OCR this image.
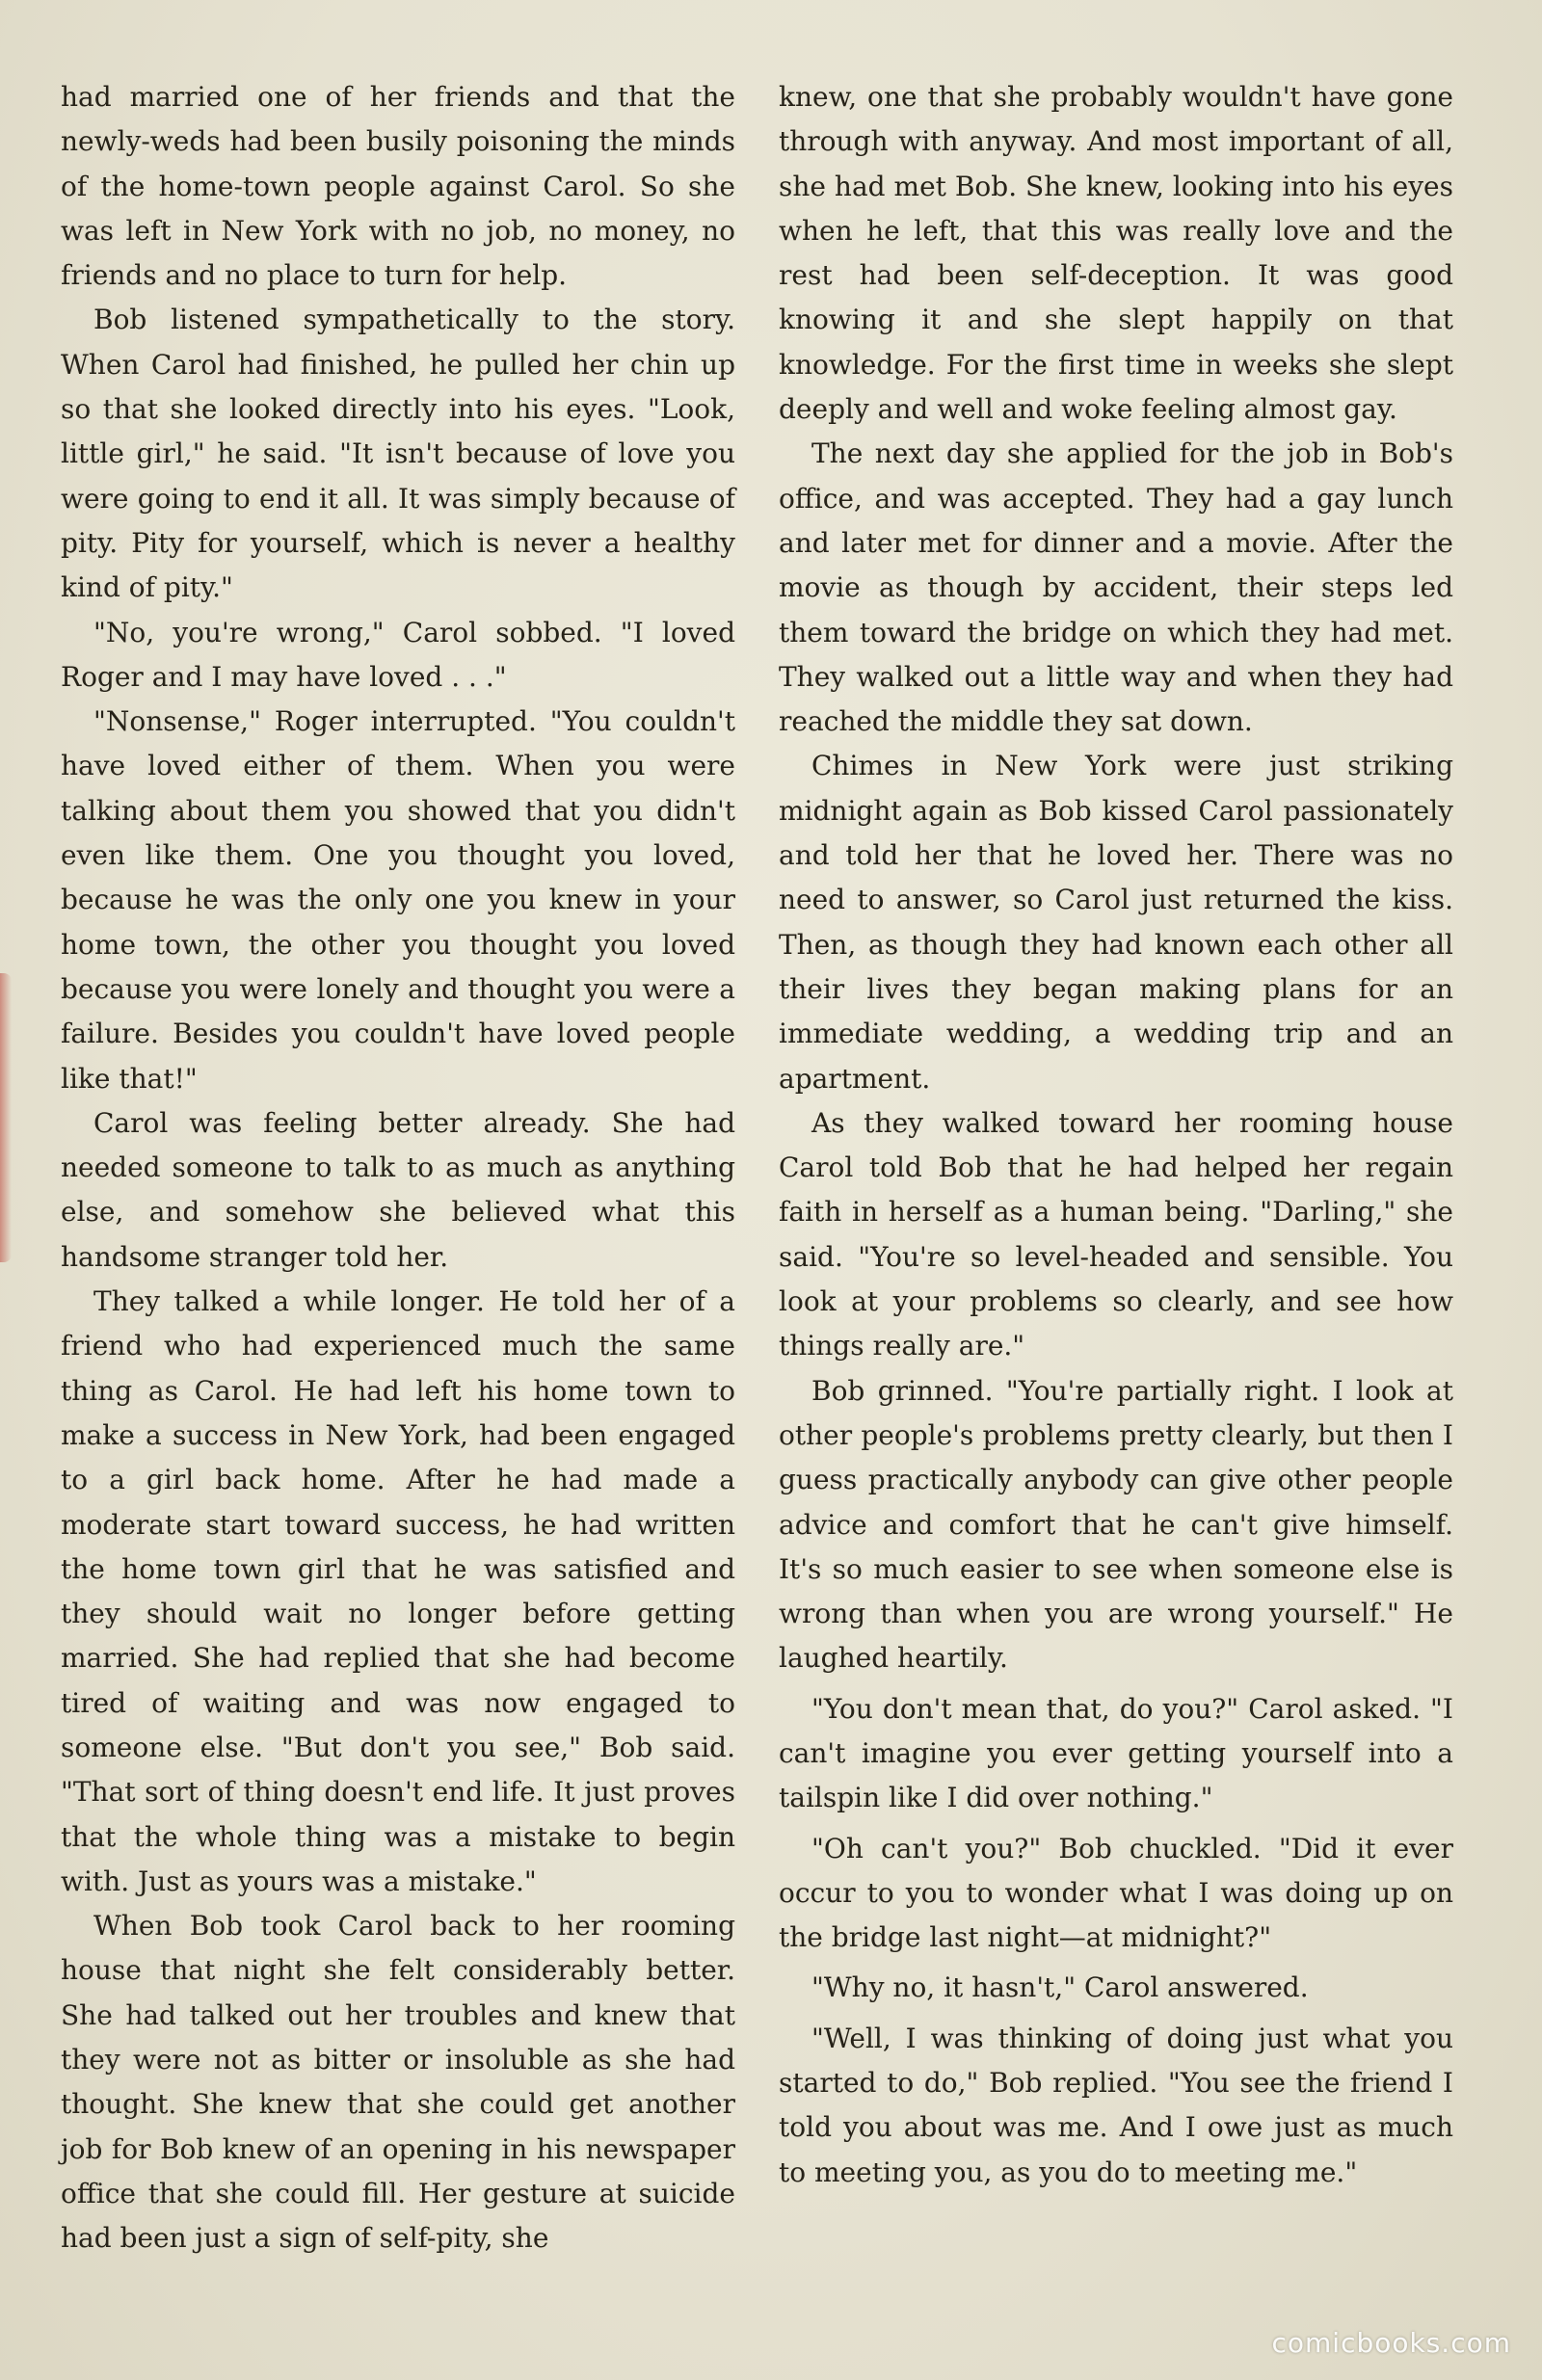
had married one of her friends and that the newly-weds had been busily poisoning the minds of the home-town people against Carol. So she was left in New York with no job, no money, no friends and no place to turn for help.

Bob listened sympathetically to the story. When Carol had finished, he pulled her chin up so that she looked directly into his eyes. "Look, little girl," he said. "It isn't because of love you were going to end it all. It was simply because of pity. Pity for yourself, which is never a healthy kind of pity."

"No, you're wrong," Carol sobbed. "I loved Roger and I may have loved . . ."

"Nonsense," Roger interrupted. "You couldn't have loved either of them. When you were talking about them you showed that you didn't even like them. One you thought you loved, because he was the only one you knew in your home town, the other you thought you loved because you were lonely and thought you were a failure. Besides you couldn't have loved people like that!"

Carol was feeling better already. She had needed someone to talk to as much as anything else, and somehow she believed what this handsome stranger told her.

They talked a while longer. He told her of a friend who had experienced much the same thing as Carol. He had left his home town to make a success in New York, had been engaged to a girl back home. After he had made a moderate start toward success, he had written the home town girl that he was satisfied and they should wait no longer before getting married. She had replied that she had become tired of waiting and was now engaged to someone else. "But don't you see," Bob said. "That sort of thing doesn't end life. It just proves that the whole thing was a mistake to begin with. Just as yours was a mistake."

When Bob took Carol back to her rooming house that night she felt considerably better. She had talked out her troubles and knew that they were not as bitter or insoluble as she had thought. She knew that she could get another job for Bob knew of an opening in his newspaper office that she could fill. Her gesture at suicide had been just a sign of self-pity, she

knew, one that she probably wouldn't have gone through with anyway. And most important of all, she had met Bob. She knew, looking into his eyes when he left, that this was really love and the rest had been self-deception. It was good knowing it and she slept happily on that knowledge. For the first time in weeks she slept deeply and well and woke feeling almost gay.

The next day she applied for the job in Bob's office, and was accepted. They had a gay lunch and later met for dinner and a movie. After the movie as though by accident, their steps led them toward the bridge on which they had met. They walked out a little way and when they had reached the middle they sat down.

Chimes in New York were just striking midnight again as Bob kissed Carol passionately and told her that he loved her. There was no need to answer, so Carol just returned the kiss. Then, as though they had known each other all their lives they began making plans for an immediate wedding, a wedding trip and an apartment.

As they walked toward her rooming house Carol told Bob that he had helped her regain faith in herself as a human being. "Darling," she said. "You're so level-headed and sensible. You look at your problems so clearly, and see how things really are."

Bob grinned. "You're partially right. I look at other people's problems pretty clearly, but then I guess practically anybody can give other people advice and comfort that he can't give himself. It's so much easier to see when someone else is wrong than when you are wrong yourself." He laughed heartily.

"You don't mean that, do you?" Carol asked. "I can't imagine you ever getting yourself into a tailspin like I did over nothing."

"Oh can't you?" Bob chuckled. "Did it ever occur to you to wonder what I was doing up on the bridge last night—at midnight?"

"Why no, it hasn't," Carol answered.

"Well, I was thinking of doing just what you started to do," Bob replied. "You see the friend I told you about was me. And I owe just as much to meeting you, as you do to meeting me."

comicbooks.com
